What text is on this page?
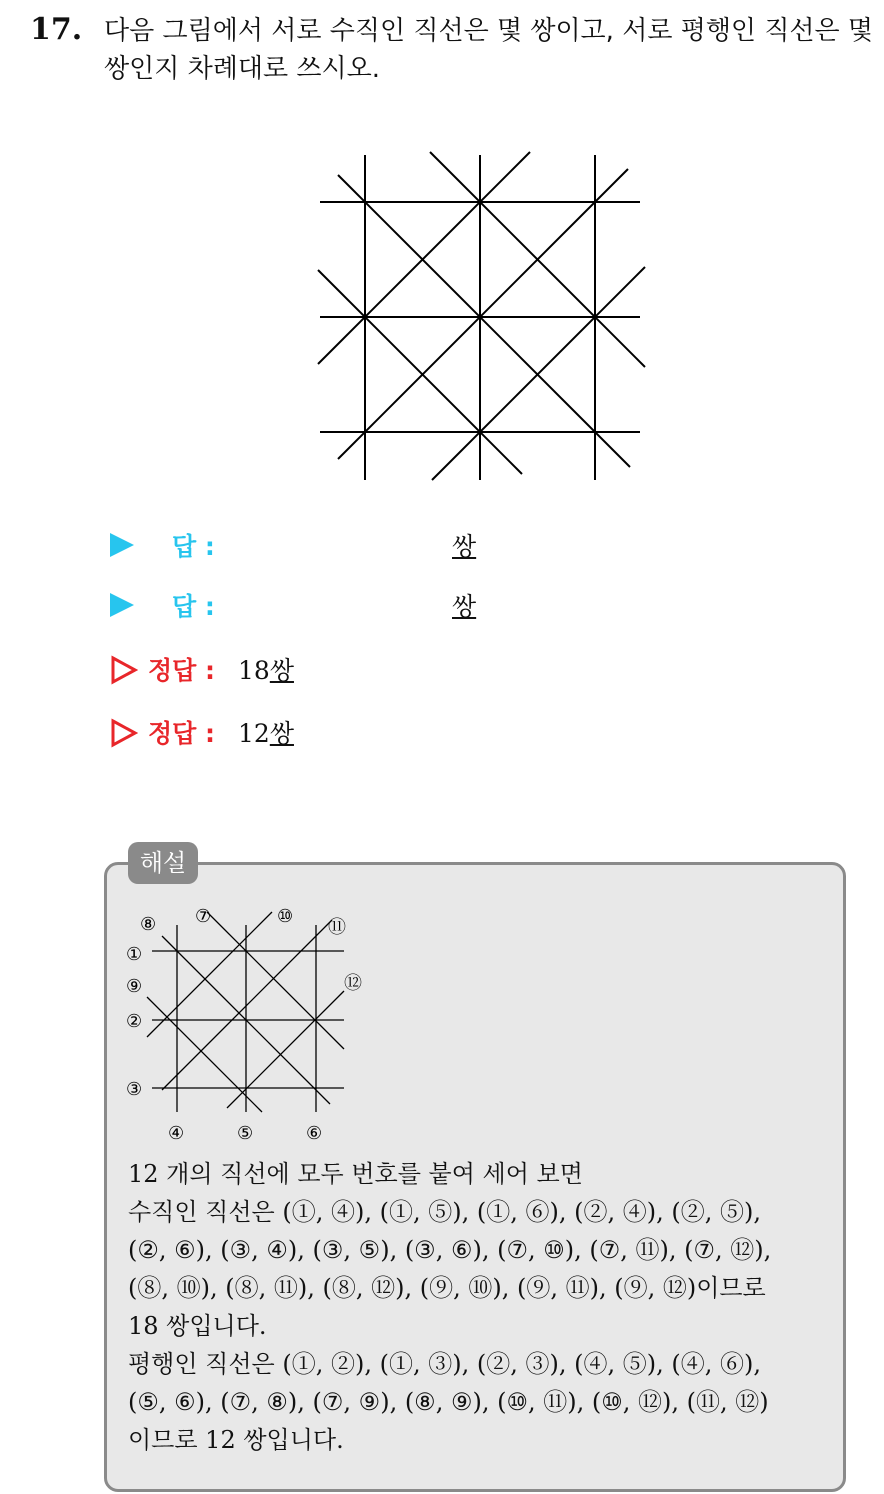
17. 다음 그림에서 서로 수직인 직선은 몇 쌍이고, 서로 평행인 직선은 몇
쌍인지 차례대로 쓰시오.
답 :	쌍
답 :	쌍
정답 : 18쌍
정답 : 12쌍
해설
⑧ ⑦	⑩
⑪
①
⑫
⑨
②
③
④	⑤	⑥
12 개의 직선에 모두 번호를 붙여 세어 보면
수직인 직선은 (①, ④), (①, ⑤), (①, ⑥), (②, ④), (②, ⑤),
(②, ⑥), (③, ④), (③, ⑤), (③, ⑥), (⑦, ⑩), (⑦, ⑪), (⑦, ⑫),
(⑧, ⑩), (⑧, ⑪), (⑧, ⑫), (⑨, ⑩), (⑨, ⑪), (⑨, ⑫)이므로
18 쌍입니다.
평행인 직선은 (①, ②), (①, ③), (②, ③), (④, ⑤), (④, ⑥),
(⑤, ⑥), (⑦, ⑧), (⑦, ⑨), (⑧, ⑨), (⑩, ⑪), (⑩, ⑫), (⑪, ⑫)
이므로 12 쌍입니다.
